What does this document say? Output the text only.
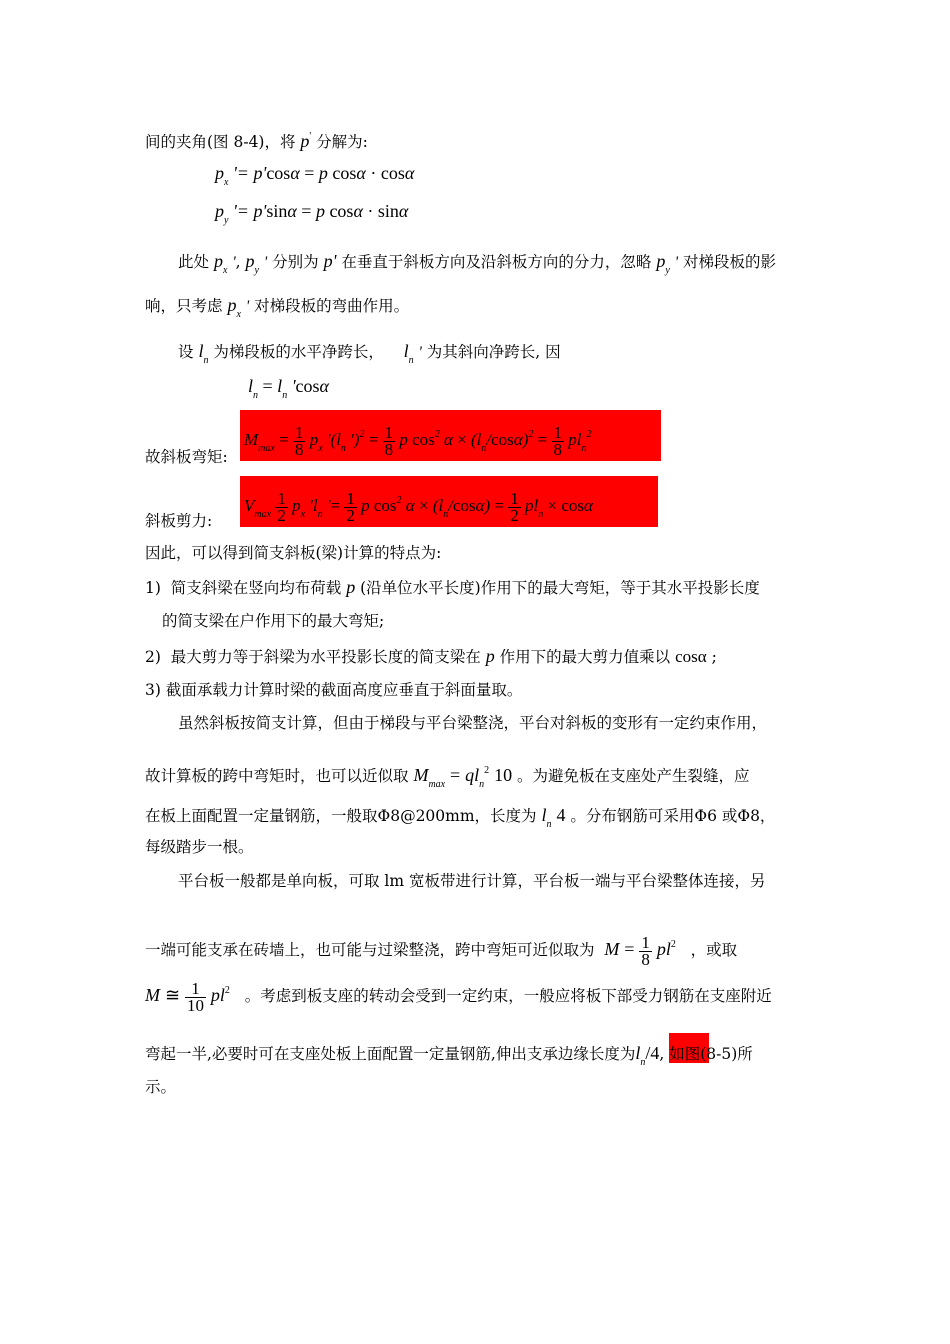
间的夹角(图 8-4)，将 p' 分解为:
$p_x$ '= p'cosα = p cosα · cosα
$p_y$ '= p'sinα = p cosα · sinα
此处 $p_x$ ', $p_y$ ' 分别为 p' 在垂直于斜板方向及沿斜板方向的分力，忽略 $p_y$ ' 对梯段板的影
响，只考虑 $p_x$ ' 对梯段板的弯曲作用。
设 $l_n$ 为梯段板的水平净跨长，    $l_n$ ' 为其斜向净跨长, 因
$l_n = l_n$ 'cosα
$M_{max} = \frac{1}{8} p_x$ '($l_n$ ')$^2 = \frac{1}{8}$ p $\cos^2 \alpha \times (l_n/\cos\alpha)^2 = \frac{1}{8} pl_n^2$
故斜板弯矩:
$V_{max} \frac{1}{2} p_x$ '$l_n$ '= $\frac{1}{2}$ p $\cos^2 \alpha \times (l_n/\cos\alpha) = \frac{1}{2} pl_n \times \cos\alpha$
斜板剪力:
因此，可以得到简支斜板(梁)计算的特点为:
1)  简支斜梁在竖向均布荷载 p (沿单位水平长度)作用下的最大弯矩，等于其水平投影长度
的简支梁在户作用下的最大弯矩;
2)  最大剪力等于斜梁为水平投影长度的简支梁在 p 作用下的最大剪力值乘以 cosα ;
3) 截面承载力计算时梁的截面高度应垂直于斜面量取。
虽然斜板按简支计算，但由于梯段与平台梁整浇，平台对斜板的变形有一定约束作用，
故计算板的跨中弯矩时，也可以近似取 $M_{max} = ql_n^2$ 10 。为避免板在支座处产生裂缝，应
在板上面配置一定量钢筋，一般取Φ8@200mm，长度为 $l_n$ 4 。分布钢筋可采用Φ6 或Φ8，
每级踏步一根。
平台板一般都是单向板，可取 lm 宽板带进行计算，平台板一端与平台梁整体连接，另
一端可能支承在砖墙上，也可能与过梁整浇，跨中弯矩可近似取为  $M = \frac{1}{8} pl^2$   ，或取
M ≅ $\frac{1}{10} pl^2$   。考虑到板支座的转动会受到一定约束，一般应将板下部受力钢筋在支座附近
弯起一半,必要时可在支座处板上面配置一定量钢筋,伸出支承边缘长度为$l_n/4$, 如图(8-5)所
示。
